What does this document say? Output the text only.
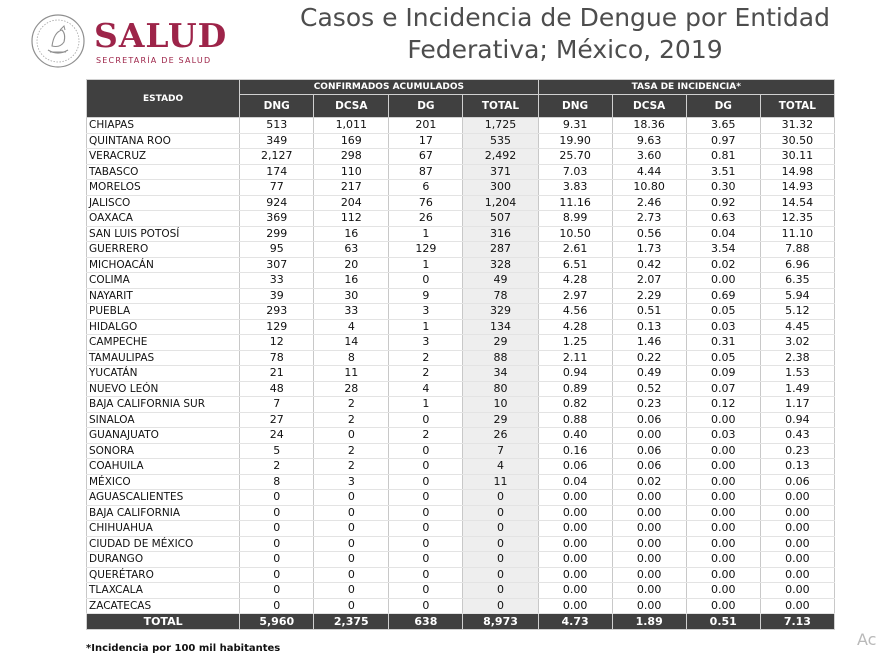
SALUD
SECRETARÍA DE SALUD
Casos e Incidencia de Dengue por Entidad
Federativa; México, 2019
ESTADO	CONFIRMADOS ACUMULADOS				TASA DE INCIDENCIA*			
	DNG	DCSA	DG	TOTAL	DNG	DCSA	DG	TOTAL
CHIAPAS	513	1,011	201	1,725	9.31	18.36	3.65	31.32
QUINTANA ROO	349	169	17	535	19.90	9.63	0.97	30.50
VERACRUZ	2,127	298	67	2,492	25.70	3.60	0.81	30.11
TABASCO	174	110	87	371	7.03	4.44	3.51	14.98
MORELOS	77	217	6	300	3.83	10.80	0.30	14.93
JALISCO	924	204	76	1,204	11.16	2.46	0.92	14.54
OAXACA	369	112	26	507	8.99	2.73	0.63	12.35
SAN LUIS POTOSÍ	299	16	1	316	10.50	0.56	0.04	11.10
GUERRERO	95	63	129	287	2.61	1.73	3.54	7.88
MICHOACÁN	307	20	1	328	6.51	0.42	0.02	6.96
COLIMA	33	16	0	49	4.28	2.07	0.00	6.35
NAYARIT	39	30	9	78	2.97	2.29	0.69	5.94
PUEBLA	293	33	3	329	4.56	0.51	0.05	5.12
HIDALGO	129	4	1	134	4.28	0.13	0.03	4.45
CAMPECHE	12	14	3	29	1.25	1.46	0.31	3.02
TAMAULIPAS	78	8	2	88	2.11	0.22	0.05	2.38
YUCATÁN	21	11	2	34	0.94	0.49	0.09	1.53
NUEVO LEÓN	48	28	4	80	0.89	0.52	0.07	1.49
BAJA CALIFORNIA SUR	7	2	1	10	0.82	0.23	0.12	1.17
SINALOA	27	2	0	29	0.88	0.06	0.00	0.94
GUANAJUATO	24	0	2	26	0.40	0.00	0.03	0.43
SONORA	5	2	0	7	0.16	0.06	0.00	0.23
COAHUILA	2	2	0	4	0.06	0.06	0.00	0.13
MÉXICO	8	3	0	11	0.04	0.02	0.00	0.06
AGUASCALIENTES	0	0	0	0	0.00	0.00	0.00	0.00
BAJA CALIFORNIA	0	0	0	0	0.00	0.00	0.00	0.00
CHIHUAHUA	0	0	0	0	0.00	0.00	0.00	0.00
CIUDAD DE MÉXICO	0	0	0	0	0.00	0.00	0.00	0.00
DURANGO	0	0	0	0	0.00	0.00	0.00	0.00
QUERÉTARO	0	0	0	0	0.00	0.00	0.00	0.00
TLAXCALA	0	0	0	0	0.00	0.00	0.00	0.00
ZACATECAS	0	0	0	0	0.00	0.00	0.00	0.00
TOTAL	5,960	2,375	638	8,973	4.73	1.89	0.51	7.13
*Incidencia por 100 mil habitantes	Ac
